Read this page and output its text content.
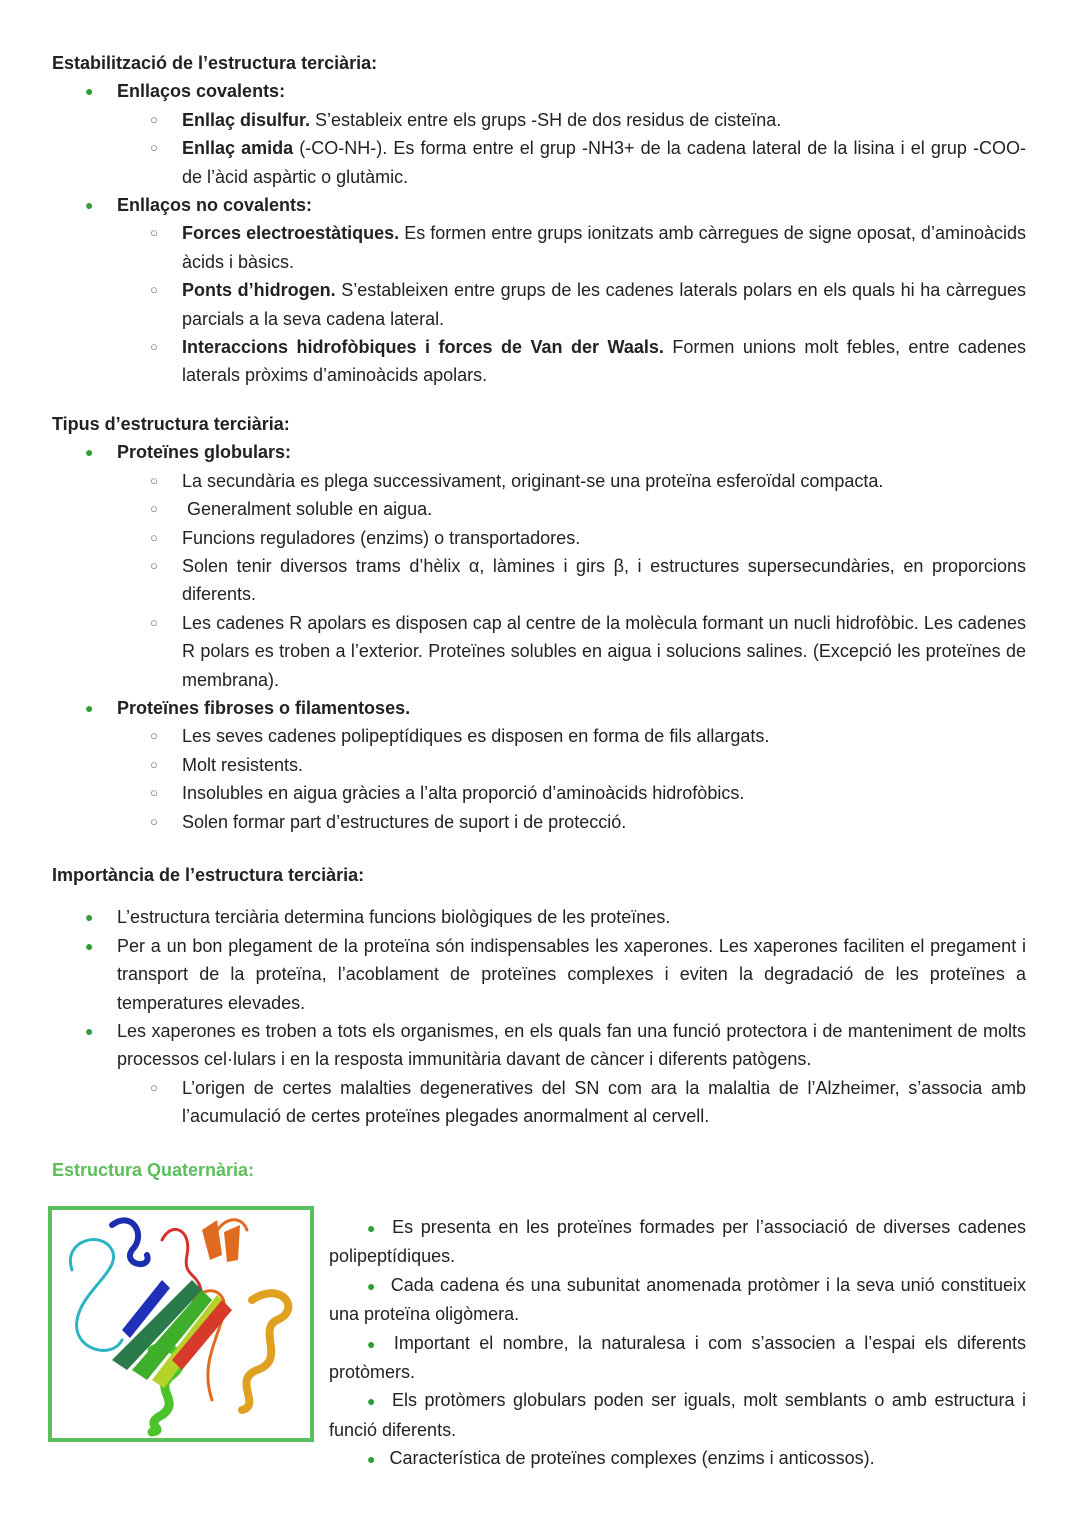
Estabilització de l’estructura terciària:
● Enllaços covalents:
○ Enllaç disulfur. S’estableix entre els grups -SH de dos residus de cisteïna.
○ Enllaç amida (-CO-NH-). Es forma entre el grup -NH3+ de la cadena lateral de la lisina i el grup -COO- de l’àcid aspàrtic o glutàmic.
● Enllaços no covalents:
○ Forces electroestàtiques. Es formen entre grups ionitzats amb càrregues de signe oposat, d’aminoàcids àcids i bàsics.
○ Ponts d’hidrogen. S’estableixen entre grups de les cadenes laterals polars en els quals hi ha càrregues parcials a la seva cadena lateral.
○ Interaccions hidrofòbiques i forces de Van der Waals. Formen unions molt febles, entre cadenes laterals pròxims d’aminoàcids apolars.
Tipus d’estructura terciària:
● Proteïnes globulars:
○ La secundària es plega successivament, originant-se una proteïna esferoïdal compacta.
○ Generalment soluble en aigua.
○ Funcions reguladores (enzims) o transportadores.
○ Solen tenir diversos trams d’hèlix α, làmines i girs β, i estructures supersecundàries, en proporcions diferents.
○ Les cadenes R apolars es disposen cap al centre de la molècula formant un nucli hidrofòbic. Les cadenes R polars es troben a l’exterior. Proteïnes solubles en aigua i solucions salines. (Excepció les proteïnes de membrana).
● Proteïnes fibroses o filamentoses.
○ Les seves cadenes polipeptídiques es disposen en forma de fils allargats.
○ Molt resistents.
○ Insolubles en aigua gràcies a l’alta proporció d’aminoàcids hidrofòbics.
○ Solen formar part d’estructures de suport i de protecció.
Importància de l’estructura terciària:
● L’estructura terciària determina funcions biològiques de les proteïnes.
● Per a un bon plegament de la proteïna són indispensables les xaperones. Les xaperones faciliten el pregament i transport de la proteïna, l’acoblament de proteïnes complexes i eviten la degradació de les proteïnes a temperatures elevades.
● Les xaperones es troben a tots els organismes, en els quals fan una funció protectora i de manteniment de molts processos cel·lulars i en la resposta immunitària davant de càncer i diferents patògens.
○ L’origen de certes malalties degeneratives del SN com ara la malaltia de l’Alzheimer, s’associa amb l’acumulació de certes proteïnes plegades anormalment al cervell.
Estructura Quaternària:

● Es presenta en les proteïnes formades per l’associació de diverses cadenes polipeptídiques.

● Cada cadena és una subunitat anomenada protòmer i la seva unió constitueix una proteïna oligòmera.

● Important el nombre, la naturalesa i com s’associen a l’espai els diferents protòmers.

● Els protòmers globulars poden ser iguals, molt semblants o amb estructura i funció diferents.

● Característica de proteïnes complexes (enzims i anticossos).
